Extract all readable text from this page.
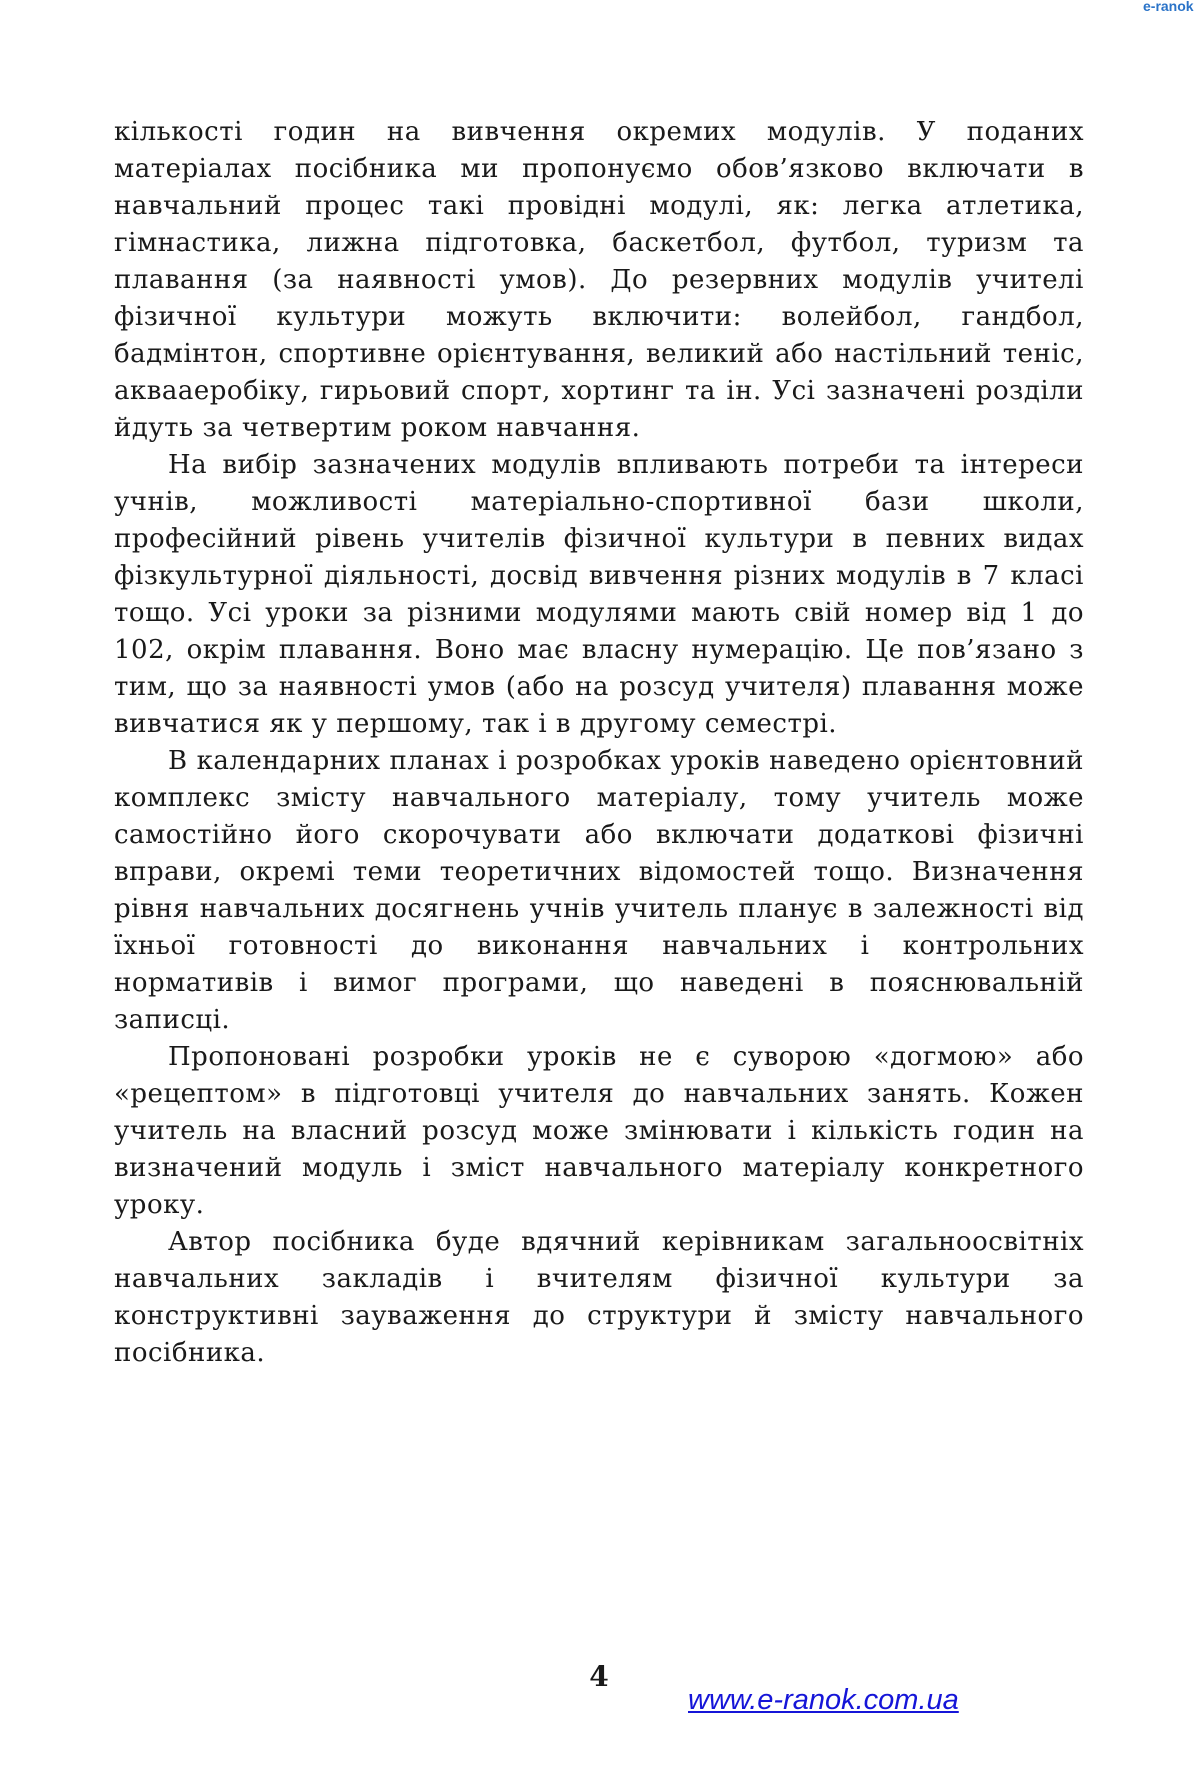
e-ranok

кількості годин на вивчення окремих модулів. У поданих матеріалах посібника ми пропонуємо обов’язково включати в навчальний процес такі провідні модулі, як: легка атлетика, гімнастика, лижна підготовка, баскетбол, футбол, туризм та плавання (за наявності умов). До резервних модулів учителі фізичної культури можуть включити: волейбол, гандбол, бадмінтон, спортивне орієнтування, великий або настільний теніс, аквааеробіку, гирьовий спорт, хортинг та ін. Усі зазначені розділи йдуть за четвертим роком навчання.

На вибір зазначених модулів впливають потреби та інтереси учнів, можливості матеріально-спортивної бази школи, професійний рівень учителів фізичної культури в певних видах фізкультурної діяльності, досвід вивчення різних модулів в 7 класі тощо. Усі уроки за різними модулями мають свій номер від 1 до 102, окрім плавання. Воно має власну нумерацію. Це пов’язано з тим, що за наявності умов (або на розсуд учителя) плавання може вивчатися як у першому, так і в другому семестрі.

В календарних планах і розробках уроків наведено орієнтовний комплекс змісту навчального матеріалу, тому учитель може самостійно його скорочувати або включати додаткові фізичні вправи, окремі теми теоретичних відомостей тощо. Визначення рівня навчальних досягнень учнів учитель планує в залежності від їхньої готовності до виконання навчальних і контрольних нормативів і вимог програми, що наведені в пояснювальній записці.

Пропоновані розробки уроків не є суворою «догмою» або «рецептом» в підготовці учителя до навчальних занять. Кожен учитель на власний розсуд може змінювати і кількість годин на визначений модуль і зміст навчального матеріалу конкретного уроку.

Автор посібника буде вдячний керівникам загальноосвітніх навчальних закладів і вчителям фізичної культури за конструктивні зауваження до структури й змісту навчального посібника.

4
www.e-ranok.com.ua
